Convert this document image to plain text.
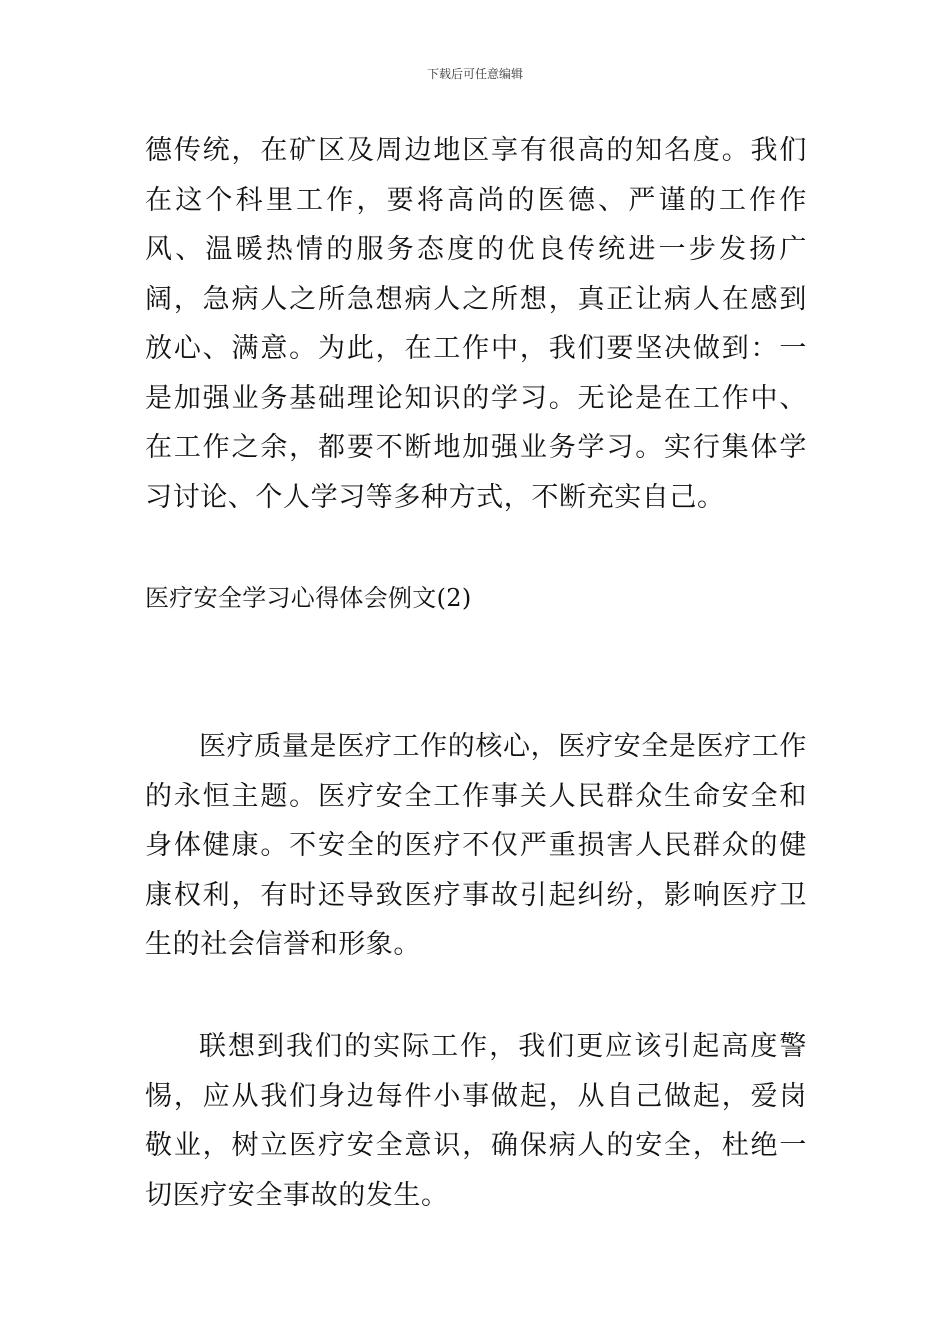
下载后可任意编辑
德传统，在矿区及周边地区享有很高的知名度。我们在这个科里工作，要将高尚的医德、严谨的工作作风、温暖热情的服务态度的优良传统进一步发扬广阔，急病人之所急想病人之所想，真正让病人在感到放心、满意。为此，在工作中，我们要坚决做到：一是加强业务基础理论知识的学习。无论是在工作中、在工作之余，都要不断地加强业务学习。实行集体学习讨论、个人学习等多种方式，不断充实自己。
医疗安全学习心得体会例文(2)
医疗质量是医疗工作的核心，医疗安全是医疗工作的永恒主题。医疗安全工作事关人民群众生命安全和身体健康。不安全的医疗不仅严重损害人民群众的健康权利，有时还导致医疗事故引起纠纷，影响医疗卫生的社会信誉和形象。
联想到我们的实际工作，我们更应该引起高度警惕，应从我们身边每件小事做起，从自己做起，爱岗敬业，树立医疗安全意识，确保病人的安全，杜绝一切医疗安全事故的发生。
